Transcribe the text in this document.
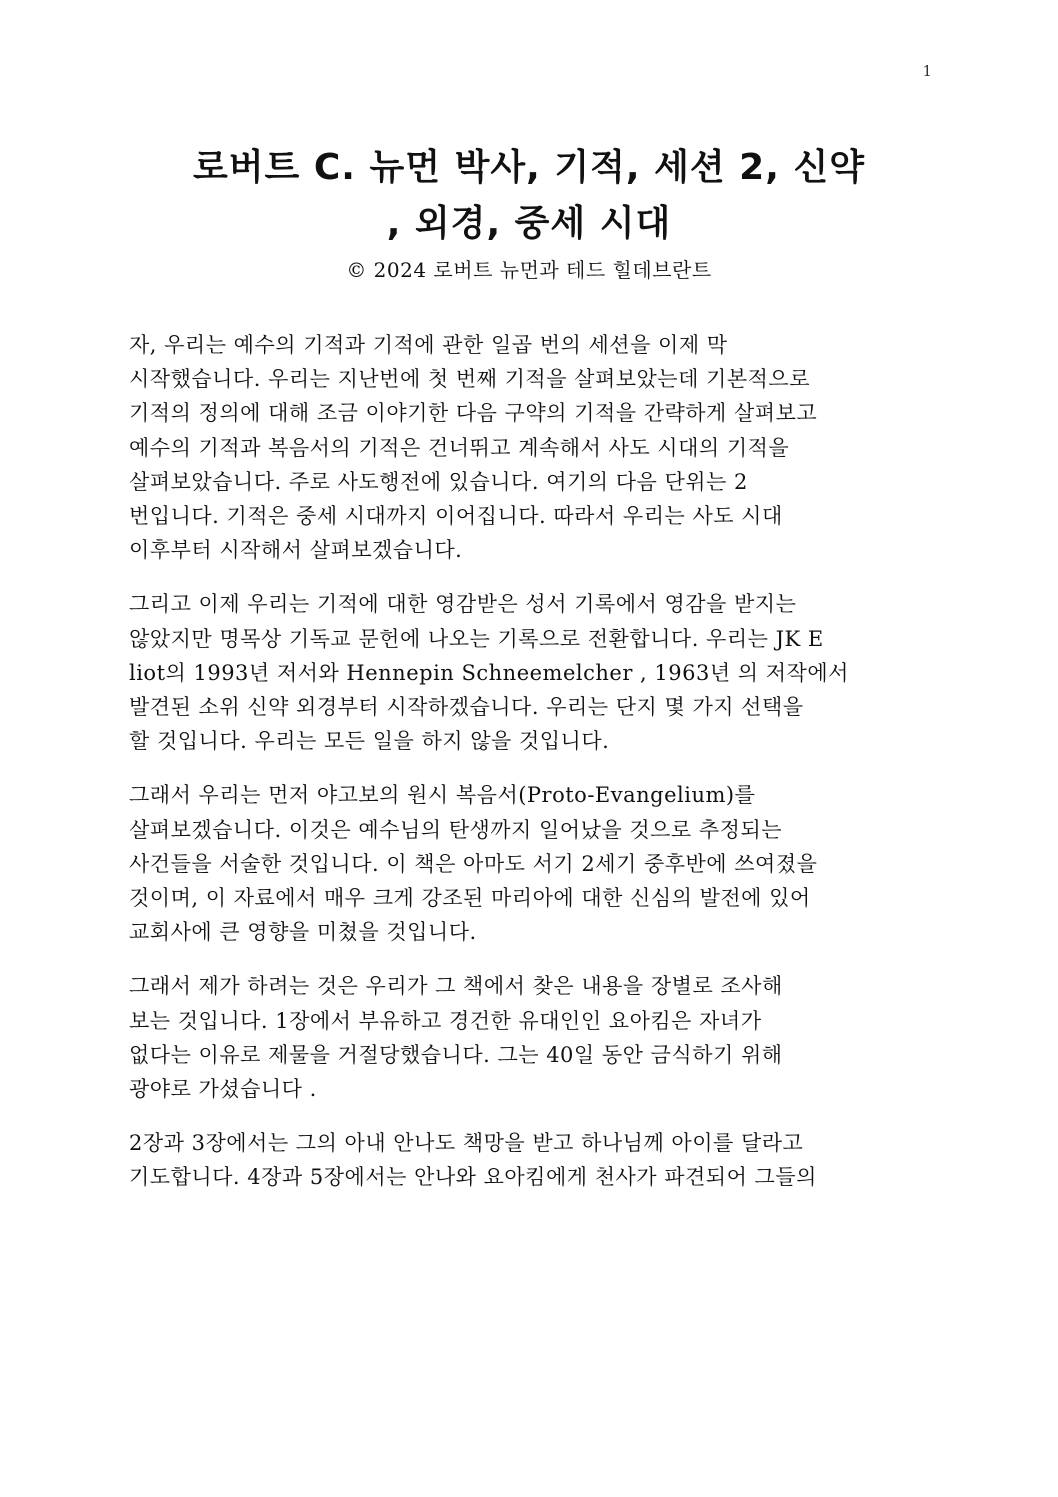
1
로버트 C. 뉴먼 박사, 기적, 세션 2, 신약
, 외경, 중세 시대
© 2024 로버트 뉴먼과 테드 힐데브란트
자, 우리는 예수의 기적과 기적에 관한 일곱 번의 세션을 이제 막
시작했습니다. 우리는 지난번에 첫 번째 기적을 살펴보았는데 기본적으로
기적의 정의에 대해 조금 이야기한 다음 구약의 기적을 간략하게 살펴보고
예수의 기적과 복음서의 기적은 건너뛰고 계속해서 사도 시대의 기적을
살펴보았습니다. 주로 사도행전에 있습니다. 여기의 다음 단위는 2
번입니다. 기적은 중세 시대까지 이어집니다. 따라서 우리는 사도 시대
이후부터 시작해서 살펴보겠습니다.
그리고 이제 우리는 기적에 대한 영감받은 성서 기록에서 영감을 받지는
않았지만 명목상 기독교 문헌에 나오는 기록으로 전환합니다. 우리는 JK E
liot의 1993년 저서와 Hennepin Schneemelcher , 1963년 의 저작에서
발견된 소위 신약 외경부터 시작하겠습니다. 우리는 단지 몇 가지 선택을
할 것입니다. 우리는 모든 일을 하지 않을 것입니다.
그래서 우리는 먼저 야고보의 원시 복음서(Proto-Evangelium)를
살펴보겠습니다. 이것은 예수님의 탄생까지 일어났을 것으로 추정되는
사건들을 서술한 것입니다. 이 책은 아마도 서기 2세기 중후반에 쓰여졌을
것이며, 이 자료에서 매우 크게 강조된 마리아에 대한 신심의 발전에 있어
교회사에 큰 영향을 미쳤을 것입니다.
그래서 제가 하려는 것은 우리가 그 책에서 찾은 내용을 장별로 조사해
보는 것입니다. 1장에서 부유하고 경건한 유대인인 요아킴은 자녀가
없다는 이유로 제물을 거절당했습니다. 그는 40일 동안 금식하기 위해
광야로 가셨습니다 .
2장과 3장에서는 그의 아내 안나도 책망을 받고 하나님께 아이를 달라고
기도합니다. 4장과 5장에서는 안나와 요아킴에게 천사가 파견되어 그들의
